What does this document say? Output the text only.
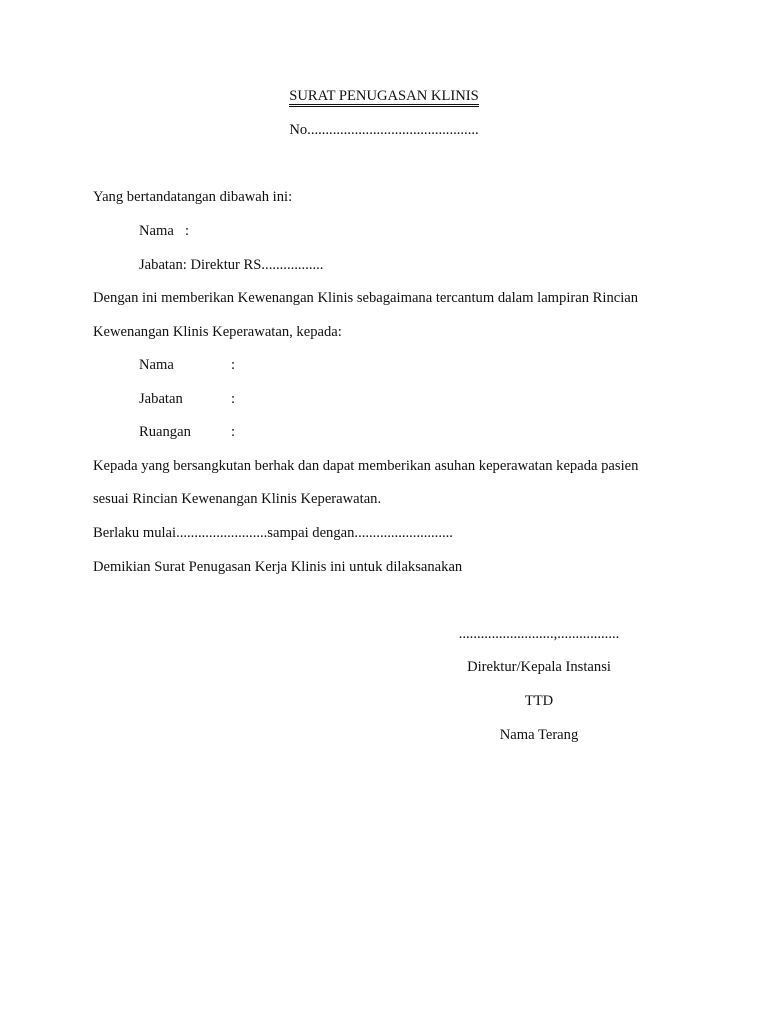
SURAT PENUGASAN KLINIS
No...............................................
Yang bertandatangan dibawah ini:
Nama :
Jabatan: Direktur RS.................
Dengan ini memberikan Kewenangan Klinis sebagaimana tercantum dalam lampiran Rincian
Kewenangan Klinis Keperawatan, kepada:
Nama	:
Jabatan	:
Ruangan	:
Kepada yang bersangkutan berhak dan dapat memberikan asuhan keperawatan kepada pasien
sesuai Rincian Kewenangan Klinis Keperawatan.
Berlaku mulai.........................sampai dengan...........................
Demikian Surat Penugasan Kerja Klinis ini untuk dilaksanakan
..........................,.................
Direktur/Kepala Instansi
TTD
Nama Terang
